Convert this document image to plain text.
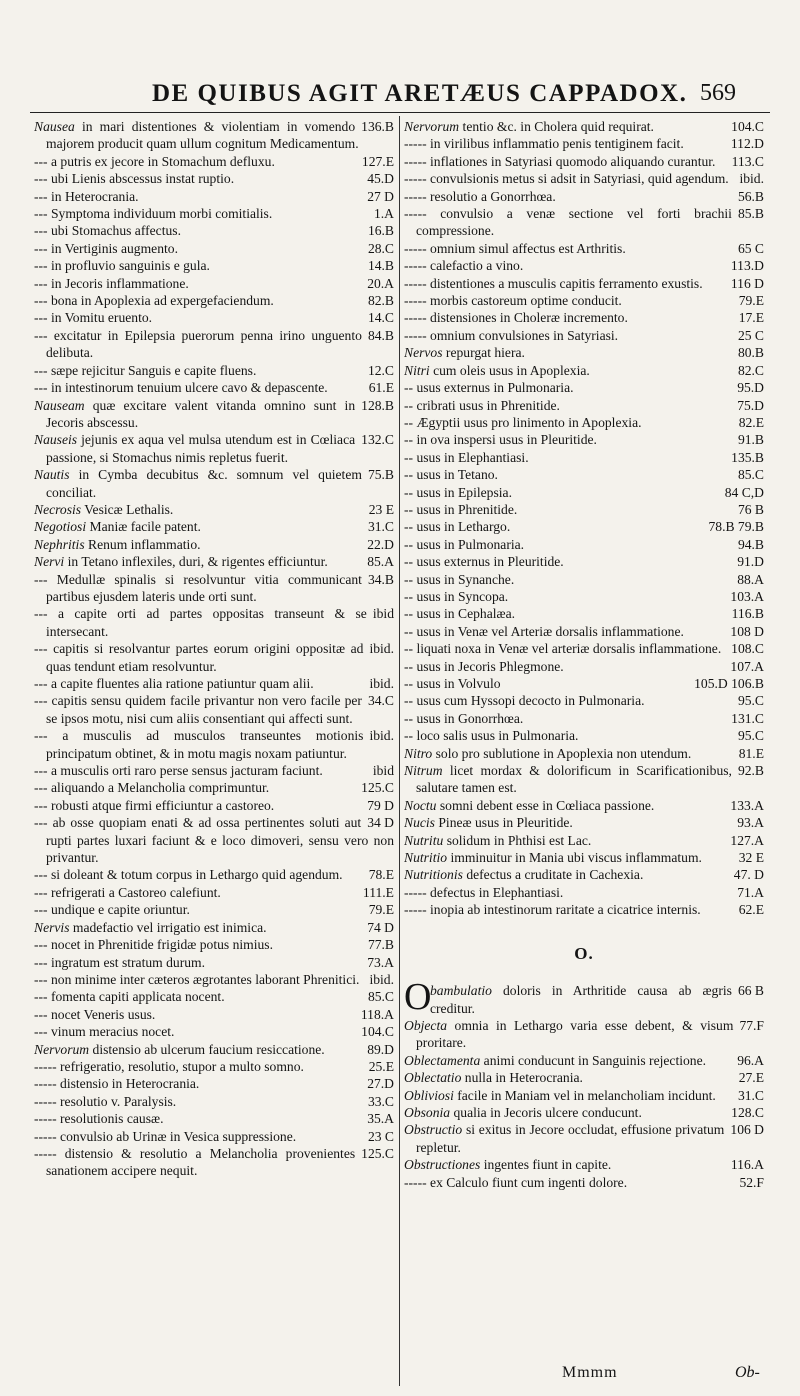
DE QUIBUS AGIT ARETÆUS CAPPADOX. 569

136.B
Nausea in mari distentiones & violentiam in vomendo majorem producit quam ullum cognitum Medicamentum.

127.E
--- a putris ex jecore in Stomachum defluxu.

45.D
--- ubi Lienis abscessus instat ruptio.

27 D
--- in Heterocrania.

1.A
--- Symptoma individuum morbi comitialis.

16.B
--- ubi Stomachus affectus.

28.C
--- in Vertiginis augmento.

14.B
--- in profluvio sanguinis e gula.

20.A
--- in Jecoris inflammatione.

82.B
--- bona in Apoplexia ad expergefaciendum.

14.C
--- in Vomitu eruento.

84.B
--- excitatur in Epilepsia puerorum penna irino unguento delibuta.

12.C
--- sæpe rejicitur Sanguis e capite fluens.

61.E
--- in intestinorum tenuium ulcere cavo & depascente.

128.B
Nauseam quæ excitare valent vitanda omnino sunt in Jecoris abscessu.

132.C
Nauseis jejunis ex aqua vel mulsa utendum est in Cœliaca passione, si Stomachus nimis repletus fuerit.

75.B
Nautis in Cymba decubitus &c. somnum vel quietem conciliat.

23 E
Necrosis Vesicæ Lethalis.

31.C
Negotiosi Maniæ facile patent.

22.D
Nephritis Renum inflammatio.

85.A
Nervi in Tetano inflexiles, duri, & rigentes efficiuntur.

34.B
--- Medullæ spinalis si resolvuntur vitia communicant partibus ejusdem lateris unde orti sunt.

ibid
--- a capite orti ad partes oppositas transeunt & se intersecant.

ibid.
--- capitis si resolvantur partes eorum origini oppositæ ad quas tendunt etiam resolvuntur.

ibid.
--- a capite fluentes alia ratione patiuntur quam alii.

34.C
--- capitis sensu quidem facile privantur non vero facile per se ipsos motu, nisi cum aliis consentiant qui affecti sunt.

ibid.
--- a musculis ad musculos transeuntes motionis principatum obtinet, & in motu magis noxam patiuntur.

ibid
--- a musculis orti raro perse sensus jacturam faciunt.

125.C
--- aliquando a Melancholia comprimuntur.

79 D
--- robusti atque firmi efficiuntur a castoreo.

34 D
--- ab osse quopiam enati & ad ossa pertinentes soluti aut rupti partes luxari faciunt & e loco dimoveri, sensu vero non privantur.

78.E
--- si doleant & totum corpus in Lethargo quid agendum.

111.E
--- refrigerati a Castoreo calefiunt.

79.E
--- undique e capite oriuntur.

74 D
Nervis madefactio vel irrigatio est inimica.

77.B
--- nocet in Phrenitide frigidæ potus nimius.

73.A
--- ingratum est stratum durum.

ibid.
--- non minime inter cæteros ægrotantes laborant Phrenitici.

85.C
--- fomenta capiti applicata nocent.

118.A
--- nocet Veneris usus.

104.C
--- vinum meracius nocet.

89.D
Nervorum distensio ab ulcerum faucium resiccatione.

25.E
----- refrigeratio, resolutio, stupor a multo somno.

27.D
----- distensio in Heterocrania.

33.C
----- resolutio v. Paralysis.

35.A
----- resolutionis causæ.

23 C
----- convulsio ab Urinæ in Vesica suppressione.

125.C
----- distensio & resolutio a Melancholia provenientes sanationem accipere nequit.

104.C
Nervorum tentio &c. in Cholera quid requirat.

112.D
----- in virilibus inflammatio penis tentiginem facit.

113.C
----- inflationes in Satyriasi quomodo aliquando curantur.

ibid.
----- convulsionis metus si adsit in Satyriasi, quid agendum.

56.B
----- resolutio a Gonorrhœa.

85.B
----- convulsio a venæ sectione vel forti brachii compressione.

65 C
----- omnium simul affectus est Arthritis.

113.D
----- calefactio a vino.

116 D
----- distentiones a musculis capitis ferramento exustis.

79.E
----- morbis castoreum optime conducit.

17.E
----- distensiones in Choleræ incremento.

25 C
----- omnium convulsiones in Satyriasi.

80.B
Nervos repurgat hiera.

82.C
Nitri cum oleis usus in Apoplexia.

95.D
-- usus externus in Pulmonaria.

75.D
-- cribrati usus in Phrenitide.

82.E
-- Ægyptii usus pro linimento in Apoplexia.

91.B
-- in ova inspersi usus in Pleuritide.

135.B
-- usus in Elephantiasi.

85.C
-- usus in Tetano.

84 C,D
-- usus in Epilepsia.

76 B
-- usus in Phrenitide.

78.B 79.B
-- usus in Lethargo.

94.B
-- usus in Pulmonaria.

91.D
-- usus externus in Pleuritide.

88.A
-- usus in Synanche.

103.A
-- usus in Syncopa.

116.B
-- usus in Cephalæa.

108 D
-- usus in Venæ vel Arteriæ dorsalis inflammatione.

108.C
-- liquati noxa in Venæ vel arteriæ dorsalis inflammatione.

107.A
-- usus in Jecoris Phlegmone.

105.D 106.B
-- usus in Volvulo

95.C
-- usus cum Hyssopi decocto in Pulmonaria.

131.C
-- usus in Gonorrhœa.

95.C
-- loco salis usus in Pulmonaria.

81.E
Nitro solo pro sublutione in Apoplexia non utendum.

92.B
Nitrum licet mordax & dolorificum in Scarificationibus, salutare tamen est.

133.A
Noctu somni debent esse in Cœliaca passione.

93.A
Nucis Pineæ usus in Pleuritide.

127.A
Nutritu solidum in Phthisi est Lac.

32 E
Nutritio imminuitur in Mania ubi viscus inflammatum.

47. D
Nutritionis defectus a cruditate in Cachexia.

71.A
----- defectus in Elephantiasi.

62.E
----- inopia ab intestinorum raritate a cicatrice internis.

O.

O	66 B
bambulatio doloris in Arthritide causa ab ægris creditur.

77.F
Objecta omnia in Lethargo varia esse debent, & visum proritare.

96.A
Oblectamenta animi conducunt in Sanguinis rejectione.

27.E
Oblectatio nulla in Heterocrania.

31.C
Obliviosi facile in Maniam vel in melancholiam incidunt.

128.C
Obsonia qualia in Jecoris ulcere conducunt.

106 D
Obstructio si exitus in Jecore occludat, effusione privatum repletur.

116.A
Obstructiones ingentes fiunt in capite.

52.F
----- ex Calculo fiunt cum ingenti dolore.

Mmmm	Ob-
